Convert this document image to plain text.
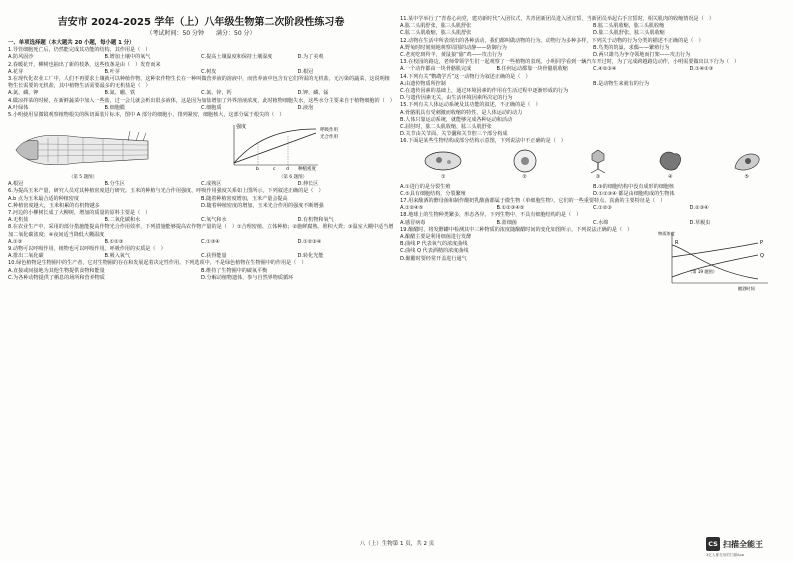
吉安市 2024-2025 学年（上）八年级生物第二次阶段性练习卷
（考试时间：50 分钟　　满分：50 分）
一、单项选择题（本大题共 20 小题，每小题 1 分）

1.导管细胞死亡后，仍然能完成其功能的结构，其作用是（　）

A.防风固沙	B.增加土壤中的氧气	C.提高土壤温度和保持土壤湿度	D.为了美观

2.春暖花开，柳树也抽出了新的枝条，这些枝条是由（　）发育而来

A.花芽	B.叶芽	C.树皮	D.根冠

3.在现代化农业工厂中，人们不再要求土壤就可以种植作物，这种农作物生长在一种叫做营养液的溶液中，而营养液中包含有它们所需的无机盐，无污染的蔬菜，这说明植物生长需要的无机盐，其中植物生活需要最多的无机盐是（　）

A.氮、磷、钾	B.氮、硼、铁	C.氮、锌、钙	D.钾、磷、锰

4.做凉拌菜的时候，在新鲜蔬菜中加入一些盐，过一会儿就会析出很多液体，这是因为加盐增加了外界溶液浓度，此时植物细胞失水，这些水分主要来自于植物细胞的（　）

A.叶绿体	B.细胞膜	C.细胞质	D.液泡

5.小明使用显微镜观察植物根尖的纵切面装片标本，图中 A 部分的细胞小，排列紧密，细胞核大，这部分属于根尖的（　）

（第 5 题图）
强度
呼吸作用
光合作用
b	c d 种植密度
（第 6 题图）
A.根冠	B.分生区	C.成熟区	D.伸长区

6.为提高玉米产量，研究人员对其种植密度进行研究。玉米的种植与光合作用强度、呼吸作用强度关系如上图所示。下列叙述正确的是（　）

A.b 点为玉米最合适的种植密度	B.随着种植密度增加，玉米产量会提高
C.种植密度越大，玉米积累的有机物越多	D.随着种植密度的增加，玉米光合作用的强度不断增强

7.河边的小柳树长成了大柳树，增加的质量的原料主要是（　）

A.无机盐	B.二氧化碳和水	C.氧气和水	D.有机物和氧气

8.在农业生产中，采用的部分措施能提高作物光合作用效率，下列措施能够提高农作物产量的是（　）①合理密植、立体种植；②施鲜腐熟、堆积大粪；③温室大棚中适当增加二氧化碳浓度；④夜间适当降低大棚温度

A.①③	B.①②③	C.①③④	D.①②③④

9.动物可以呼吸作用，植物也可以呼吸作用。呼吸作用的实质是（　）

A.排出二氧化碳	B.吸入氧气	C.获得能量	D.转化光能

10.绿色植物是生物圈中的生产者，它对生物圈的存在和发展起着决定性作用。下列选项中，不是绿色植物在生物圈中的作用是（　）

A.直接或间接地为其他生物提供食物和能量	B.维持了生物圈中的碳氧平衡
C.为各种动物提供了栖息的场所和营养物质	D.分解动植物遗体，参与自然界物质循环

11.某中学举行了“青春心向党，建功新时代”入团仪式，共青团新团员进入团宣誓，当新团员举起右手宣誓时，相关肌肉的收缩情况是（　）

A.肱二头肌舒张，肱三头肌舒张	B.肱二头肌收缩，肱三头肌收缩
C.肱二头肌收缩，肱三头肌舒张	D.肱二头肌舒张，肱三头肌收缩

12.动物在生活中所表现出的各种活动，我们都叫做动物的行为。动物行为多种多样，下列关于动物的行为分类的描述不正确的是（　）

A.野兔时时刻刻地观察周围的动静——防御行为	B.鸟类的筑巢、求偶——繁殖行为
C.老虎吃斑羚羊，黄鼠狼“偷”鸡——攻击行为	D.两只雄鸟为争夺领地而打架——攻击行为

13.在校园的路边，老师带领学生们一起观察了一些植物的表现。小明同学看到一辆汽车开过时，为了完成跨越路边动作，小明需要做出以下行为（　）

A.一个动作都由一块骨骼肌完成	B.任何运动都靠一块骨骼肌收缩	C.④②③④	D.①④②③

14.下列有关“鹦鹉学舌”这一动物行为叙述正确的是（　）

A.由遗传物质所控制	B.是动物生来就有的行为
C.在遗传因素的基础上，通过环境因素的作用在生活过程中逐渐形成的行为
D.与遗传因素无关，由生活环境因素所决定的行为

15.下列有关人体运动系统及其功能的叙述，不正确的是（　）

A.骨骼肌具有受刺激而收缩的特性，是人体运动的动力
B.人体只靠运动系统，就能够完成各种运动和活动
C.屈肘时，肱二头肌收缩，肱三头肌舒张
D.关节由关节面、关节囊和关节腔三个部分构成

16.下面是某些生物结构或部分结构示意图，下列说法中不正确的是（　）

①	②	③	④	⑤
A.①进行的是分裂生殖	B.③的细胞结构中没有成形的细胞核
C.⑤具有细胞结构，分裂繁殖	D.①②③④ 都是由细胞构成的生物体

17.用来酿酒的酵母菌和制作酸奶乳酸菌都属于微生物（单细胞生物），它们的一些重要特点，真菌的主要特征是（　）

A.①②④⑤	B.①②③④⑤	C.①②③	D.②③④

18.地球上的生物种类繁多，形态各异。下列生物中，不具有细胞结构的是（　）

A.感冒病毒	B.蓝细菌	C.水绵	D.草履虫

19.酿醋时，将发酵罐中检测其中三种物质的浓度随酿醋时间的变化如图所示，下列说法正确的是（　）

A.酿醋主要是利用细菌进行发酵
B.曲线 P 代表氧气的浓度曲线
C.曲线 Q 代表酒精的浓度曲线
D.酿醋时要经常开盖进行通气
P
Q
R
物质浓度
酿酒时间
（第 19 题图）
八（上）生物第 1 页，共 2 页	CS 扫描全能王
3亿人都在用的扫描App
